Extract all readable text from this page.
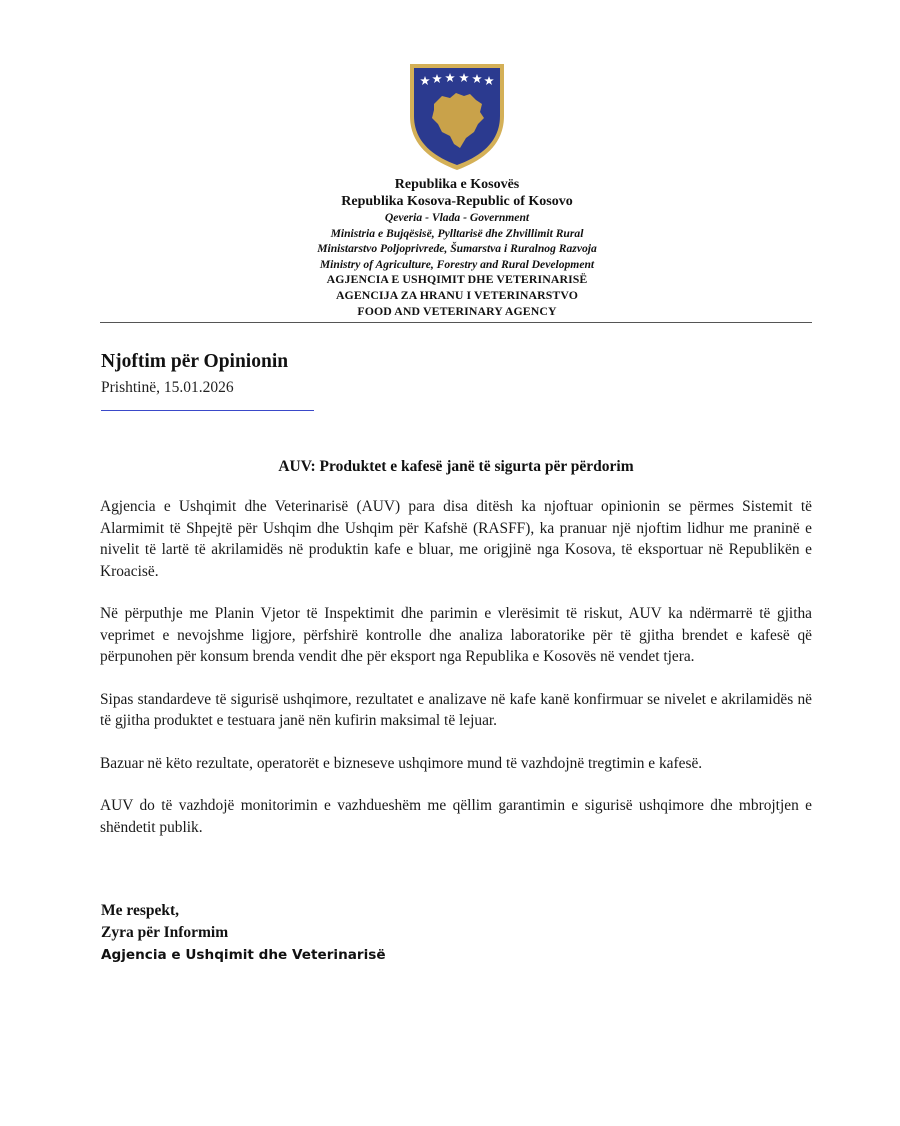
Republika e Kosovës
Republika Kosova-Republic of Kosovo
Qeveria - Vlada - Government
Ministria e Bujqësisë, Pylltarisë dhe Zhvillimit Rural
Ministarstvo Poljoprivrede, Šumarstva i Ruralnog Razvoja
Ministry of Agriculture, Forestry and Rural Development
AGJENCIA E USHQIMIT DHE VETERINARISË
AGENCIJA ZA HRANU I VETERINARSTVO
FOOD AND VETERINARY AGENCY
Njoftim për Opinionin
Prishtinë, 15.01.2026
AUV: Produktet e kafesë janë të sigurta për përdorim

Agjencia e Ushqimit dhe Veterinarisë (AUV) para disa ditësh ka njoftuar opinionin se përmes Sistemit të Alarmimit të Shpejtë për Ushqim dhe Ushqim për Kafshë (RASFF), ka pranuar një njoftim lidhur me praninë e nivelit të lartë të akrilamidës në produktin kafe e bluar, me origjinë nga Kosova, të eksportuar në Republikën e Kroacisë.

Në përputhje me Planin Vjetor të Inspektimit dhe parimin e vlerësimit të riskut, AUV ka ndërmarrë të gjitha veprimet e nevojshme ligjore, përfshirë kontrolle dhe analiza laboratorike për të gjitha brendet e kafesë që përpunohen për konsum brenda vendit dhe për eksport nga Republika e Kosovës në vendet tjera.

Sipas standardeve të sigurisë ushqimore, rezultatet e analizave në kafe kanë konfirmuar se nivelet e akrilamidës në të gjitha produktet e testuara janë nën kufirin maksimal të lejuar.

Bazuar në këto rezultate, operatorët e bizneseve ushqimore mund të vazhdojnë tregtimin e kafesë.

AUV do të vazhdojë monitorimin e vazhdueshëm me qëllim garantimin e sigurisë ushqimore dhe mbrojtjen e shëndetit publik.

Me respekt,
Zyra për Informim
Agjencia e Ushqimit dhe Veterinarisë
